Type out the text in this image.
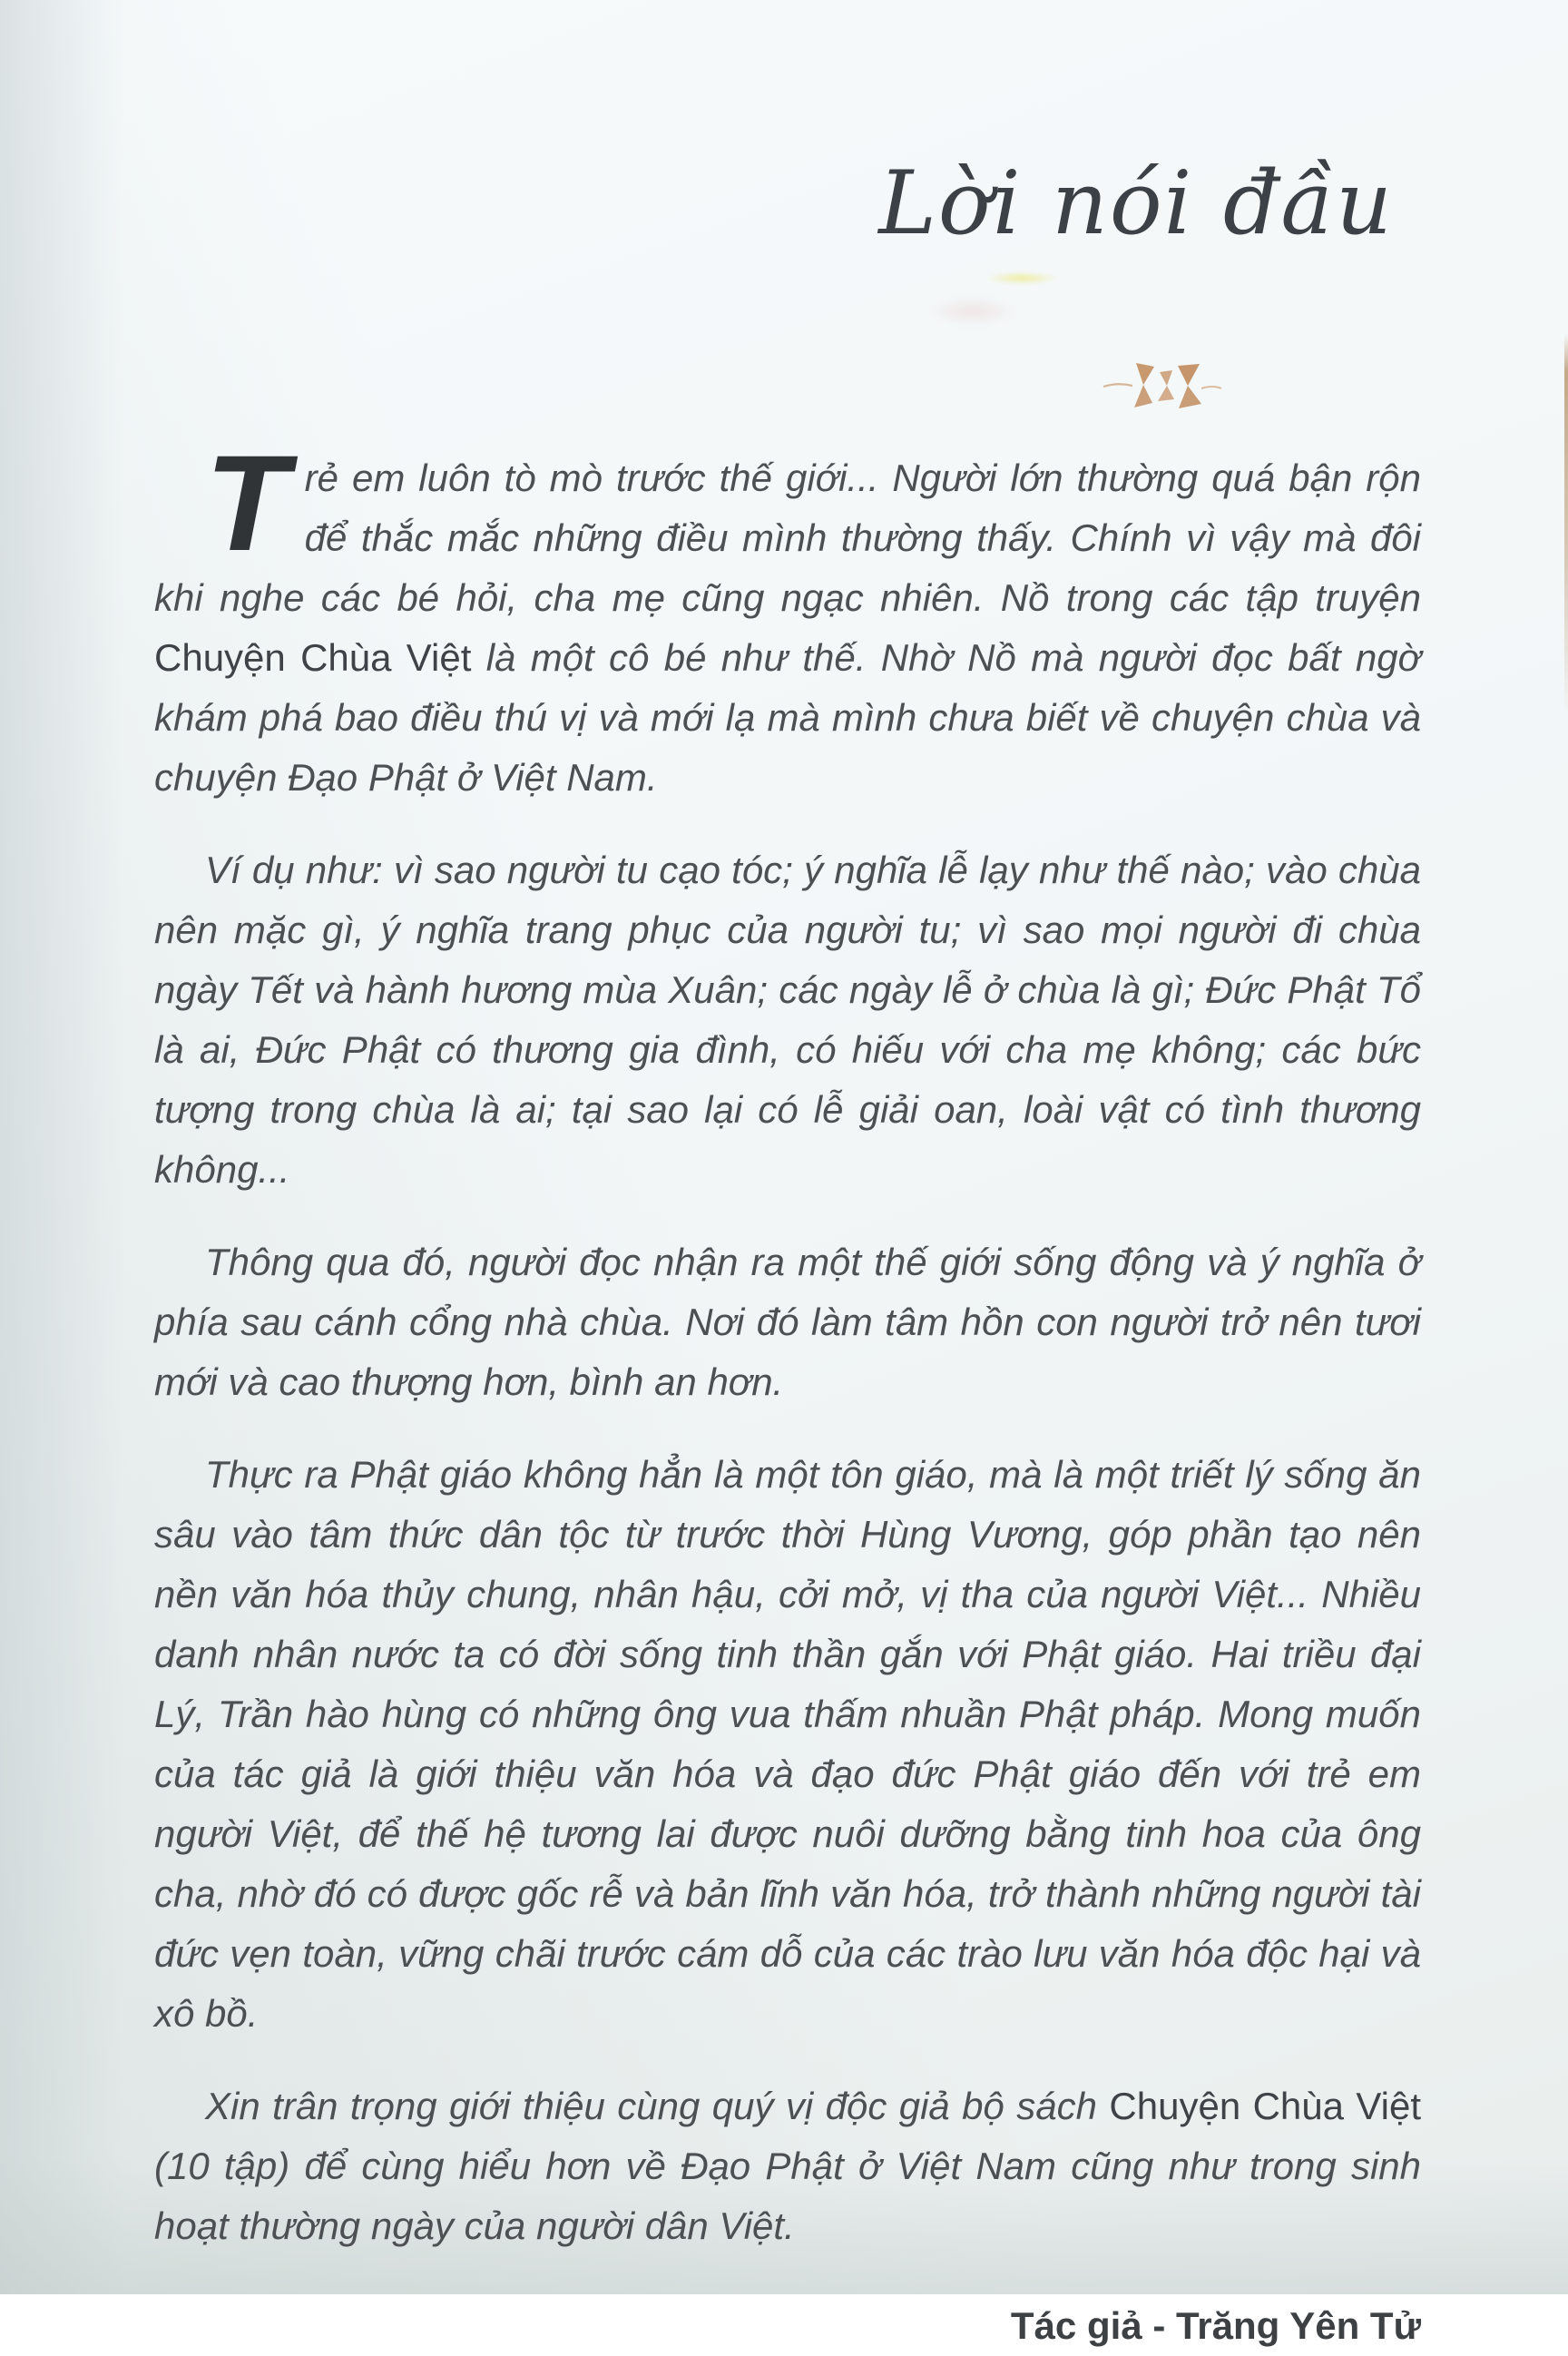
Lời nói đầu

Trẻ em luôn tò mò trước thế giới... Người lớn thường quá bận rộn để thắc mắc những điều mình thường thấy. Chính vì vậy mà đôi khi nghe các bé hỏi, cha mẹ cũng ngạc nhiên. Nồ trong các tập truyện Chuyện Chùa Việt là một cô bé như thế. Nhờ Nồ mà người đọc bất ngờ khám phá bao điều thú vị và mới lạ mà mình chưa biết về chuyện chùa và chuyện Đạo Phật ở Việt Nam.

Ví dụ như: vì sao người tu cạo tóc; ý nghĩa lễ lạy như thế nào; vào chùa nên mặc gì, ý nghĩa trang phục của người tu; vì sao mọi người đi chùa ngày Tết và hành hương mùa Xuân; các ngày lễ ở chùa là gì; Đức Phật Tổ là ai, Đức Phật có thương gia đình, có hiếu với cha mẹ không; các bức tượng trong chùa là ai; tại sao lại có lễ giải oan, loài vật có tình thương không...

Thông qua đó, người đọc nhận ra một thế giới sống động và ý nghĩa ở phía sau cánh cổng nhà chùa. Nơi đó làm tâm hồn con người trở nên tươi mới và cao thượng hơn, bình an hơn.

Thực ra Phật giáo không hẳn là một tôn giáo, mà là một triết lý sống ăn sâu vào tâm thức dân tộc từ trước thời Hùng Vương, góp phần tạo nên nền văn hóa thủy chung, nhân hậu, cởi mở, vị tha của người Việt... Nhiều danh nhân nước ta có đời sống tinh thần gắn với Phật giáo. Hai triều đại Lý, Trần hào hùng có những ông vua thấm nhuần Phật pháp. Mong muốn của tác giả là giới thiệu văn hóa và đạo đức Phật giáo đến với trẻ em người Việt, để thế hệ tương lai được nuôi dưỡng bằng tinh hoa của ông cha, nhờ đó có được gốc rễ và bản lĩnh văn hóa, trở thành những người tài đức vẹn toàn, vững chãi trước cám dỗ của các trào lưu văn hóa độc hại và xô bồ.

Xin trân trọng giới thiệu cùng quý vị độc giả bộ sách Chuyện Chùa Việt (10 tập) để cùng hiểu hơn về Đạo Phật ở Việt Nam cũng như trong sinh hoạt thường ngày của người dân Việt.

Tác giả - Trăng Yên Tử
